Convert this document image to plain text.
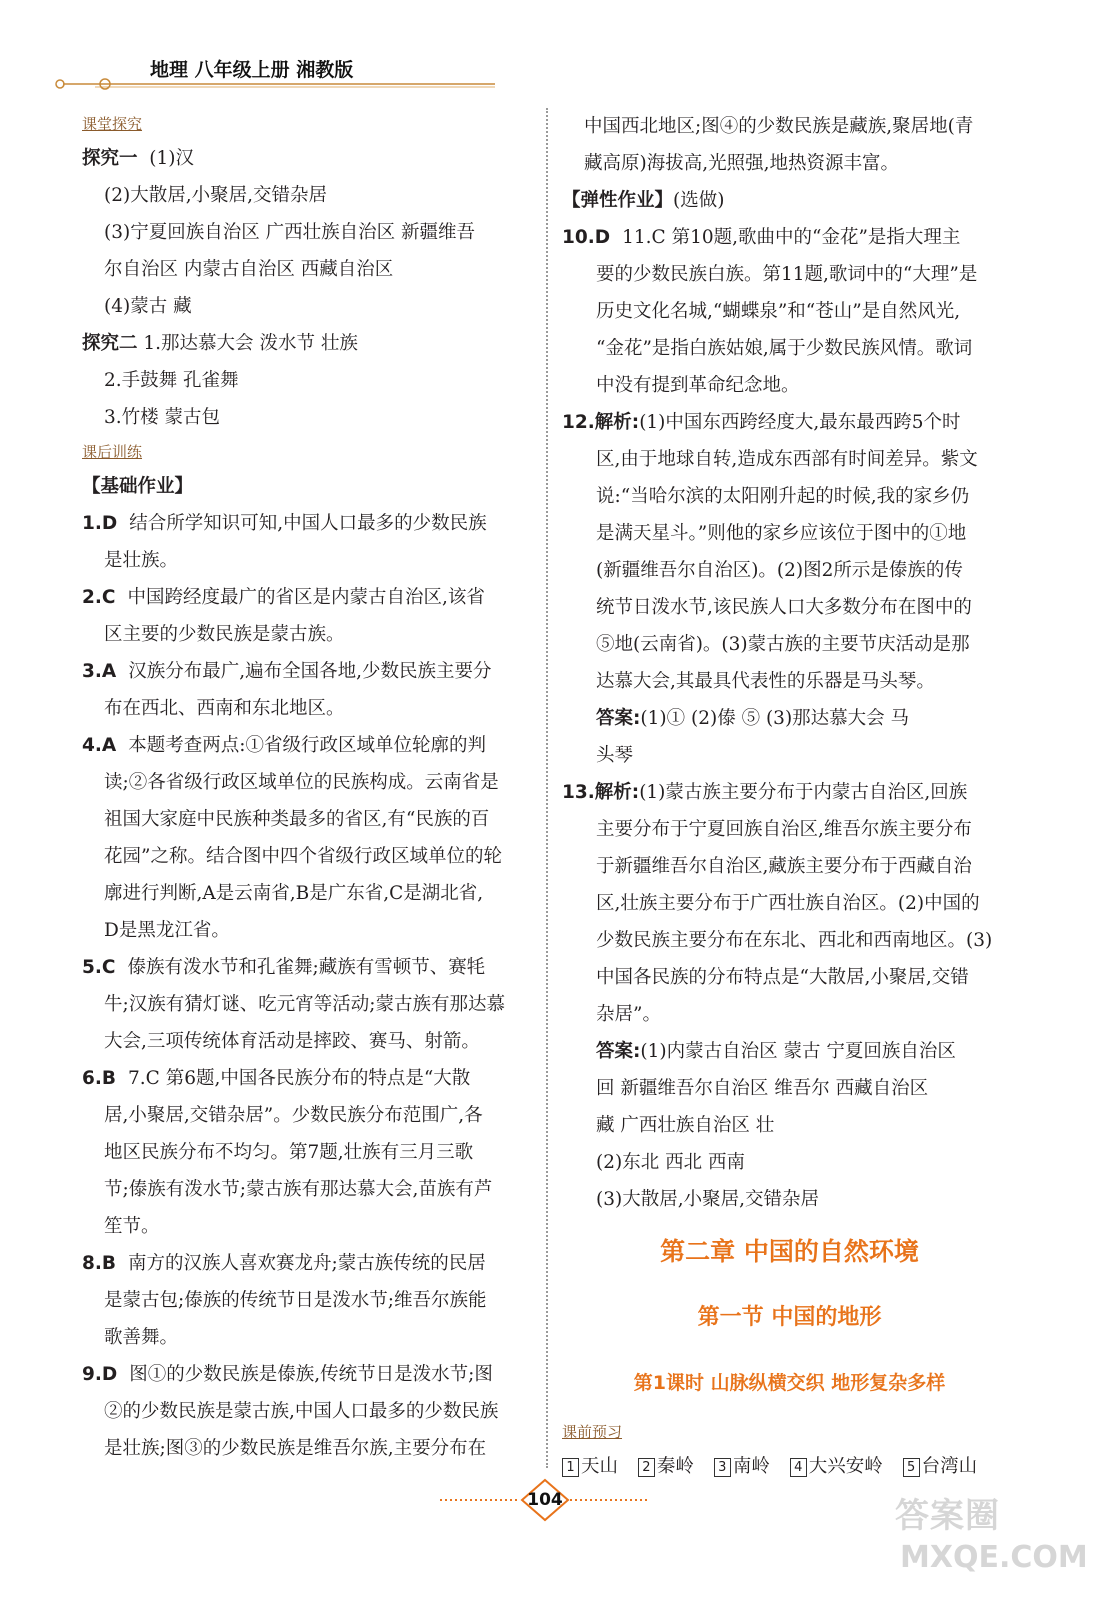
地理 八年级上册 湘教版
课堂探究
探究一 (1)汉
(2)大散居,小聚居,交错杂居
(3)宁夏回族自治区 广西壮族自治区 新疆维吾
尔自治区 内蒙古自治区 西藏自治区
(4)蒙古 藏
探究二 1.那达慕大会 泼水节 壮族
2.手鼓舞 孔雀舞
3.竹楼 蒙古包
课后训练
【基础作业】
1.D 结合所学知识可知,中国人口最多的少数民族
是壮族。
2.C 中国跨经度最广的省区是内蒙古自治区,该省
区主要的少数民族是蒙古族。
3.A 汉族分布最广,遍布全国各地,少数民族主要分
布在西北、西南和东北地区。
4.A 本题考查两点:①省级行政区域单位轮廓的判
读;②各省级行政区域单位的民族构成。云南省是
祖国大家庭中民族种类最多的省区,有“民族的百
花园”之称。结合图中四个省级行政区域单位的轮
廓进行判断,A是云南省,B是广东省,C是湖北省,
D是黑龙江省。
5.C 傣族有泼水节和孔雀舞;藏族有雪顿节、赛牦
牛;汉族有猜灯谜、吃元宵等活动;蒙古族有那达慕
大会,三项传统体育活动是摔跤、赛马、射箭。
6.B 7.C 第6题,中国各民族分布的特点是“大散
居,小聚居,交错杂居”。少数民族分布范围广,各
地区民族分布不均匀。第7题,壮族有三月三歌
节;傣族有泼水节;蒙古族有那达慕大会,苗族有芦
笙节。
8.B 南方的汉族人喜欢赛龙舟;蒙古族传统的民居
是蒙古包;傣族的传统节日是泼水节;维吾尔族能
歌善舞。
9.D 图①的少数民族是傣族,传统节日是泼水节;图
②的少数民族是蒙古族,中国人口最多的少数民族
是壮族;图③的少数民族是维吾尔族,主要分布在
中国西北地区;图④的少数民族是藏族,聚居地(青
藏高原)海拔高,光照强,地热资源丰富。
【弹性作业】(选做)
10.D 11.C 第10题,歌曲中的“金花”是指大理主
要的少数民族白族。第11题,歌词中的“大理”是
历史文化名城,“蝴蝶泉”和“苍山”是自然风光,
“金花”是指白族姑娘,属于少数民族风情。歌词
中没有提到革命纪念地。
12.解析:(1)中国东西跨经度大,最东最西跨5个时
区,由于地球自转,造成东西部有时间差异。紫文
说:“当哈尔滨的太阳刚升起的时候,我的家乡仍
是满天星斗。”则他的家乡应该位于图中的①地
(新疆维吾尔自治区)。(2)图2所示是傣族的传
统节日泼水节,该民族人口大多数分布在图中的
⑤地(云南省)。(3)蒙古族的主要节庆活动是那
达慕大会,其最具代表性的乐器是马头琴。
答案:(1)① (2)傣 ⑤ (3)那达慕大会 马
头琴
13.解析:(1)蒙古族主要分布于内蒙古自治区,回族
主要分布于宁夏回族自治区,维吾尔族主要分布
于新疆维吾尔自治区,藏族主要分布于西藏自治
区,壮族主要分布于广西壮族自治区。(2)中国的
少数民族主要分布在东北、西北和西南地区。(3)
中国各民族的分布特点是“大散居,小聚居,交错
杂居”。
答案:(1)内蒙古自治区 蒙古 宁夏回族自治区
回 新疆维吾尔自治区 维吾尔 西藏自治区
藏 广西壮族自治区 壮
(2)东北 西北 西南
(3)大散居,小聚居,交错杂居
第二章 中国的自然环境
第一节 中国的地形
第1课时 山脉纵横交织 地形复杂多样
课前预习
1 天山 2 秦岭 3 南岭 4 大兴安岭 5 台湾山
104	答案圈
MXQE.COM
